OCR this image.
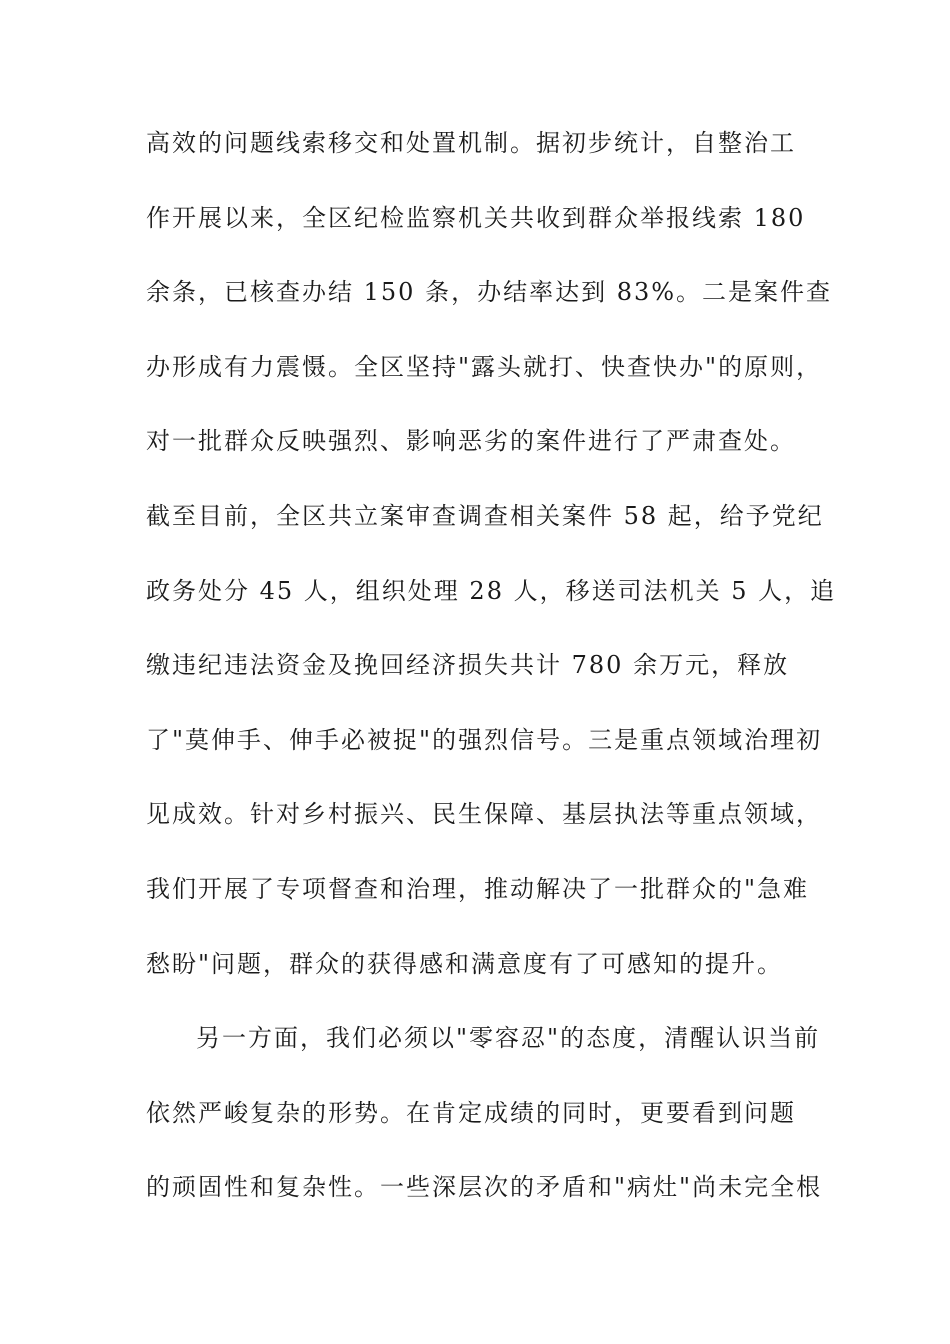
高效的问题线索移交和处置机制。据初步统计，自整治工
作开展以来，全区纪检监察机关共收到群众举报线索 180
余条，已核查办结 150 条，办结率达到 83%。二是案件查
办形成有力震慑。全区坚持"露头就打、快查快办"的原则，
对一批群众反映强烈、影响恶劣的案件进行了严肃查处。
截至目前，全区共立案审查调查相关案件 58 起，给予党纪
政务处分 45 人，组织处理 28 人，移送司法机关 5 人，追
缴违纪违法资金及挽回经济损失共计 780 余万元，释放
了"莫伸手、伸手必被捉"的强烈信号。三是重点领域治理初
见成效。针对乡村振兴、民生保障、基层执法等重点领域，
我们开展了专项督查和治理，推动解决了一批群众的"急难
愁盼"问题，群众的获得感和满意度有了可感知的提升。
另一方面，我们必须以"零容忍"的态度，清醒认识当前
依然严峻复杂的形势。在肯定成绩的同时，更要看到问题
的顽固性和复杂性。一些深层次的矛盾和"病灶"尚未完全根
